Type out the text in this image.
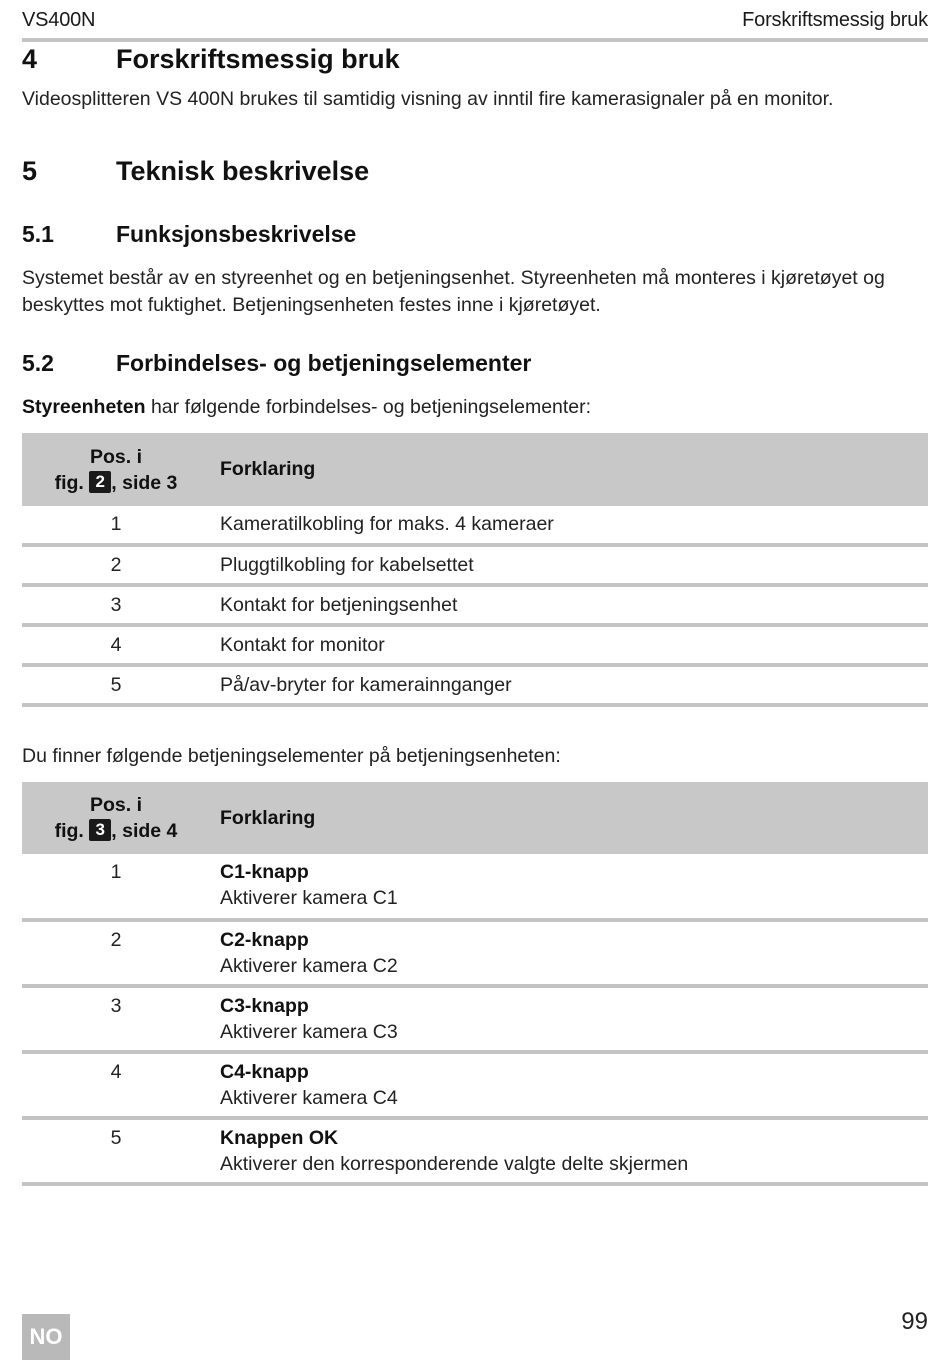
VS400N	Forskriftsmessig bruk
4	Forskriftsmessig bruk
Videosplitteren VS 400N brukes til samtidig visning av inntil fire kamerasignaler på en monitor.
5	Teknisk beskrivelse
5.1	Funksjonsbeskrivelse
Systemet består av en styreenhet og en betjeningsenhet. Styreenheten må monteres i kjøretøyet og beskyttes mot fuktighet. Betjeningsenheten festes inne i kjøretøyet.
5.2	Forbindelses- og betjeningselementer
Styreenheten har følgende forbindelses- og betjeningselementer:
Pos. i
fig. 2 , side 3
Forklaring
1	Kameratilkobling for maks. 4 kameraer
2	Pluggtilkobling for kabelsettet
3	Kontakt for betjeningsenhet
4	Kontakt for monitor
5	På/av-bryter for kamerainnganger
Du finner følgende betjeningselementer på betjeningsenheten:
Pos. i
fig. 3 , side 4
Forklaring
1	C1-knapp
Aktiverer kamera C1
2	C2-knapp
Aktiverer kamera C2
3	C3-knapp
Aktiverer kamera C3
4	C4-knapp
Aktiverer kamera C4
5	Knappen OK
Aktiverer den korresponderende valgte delte skjermen
NO
99
